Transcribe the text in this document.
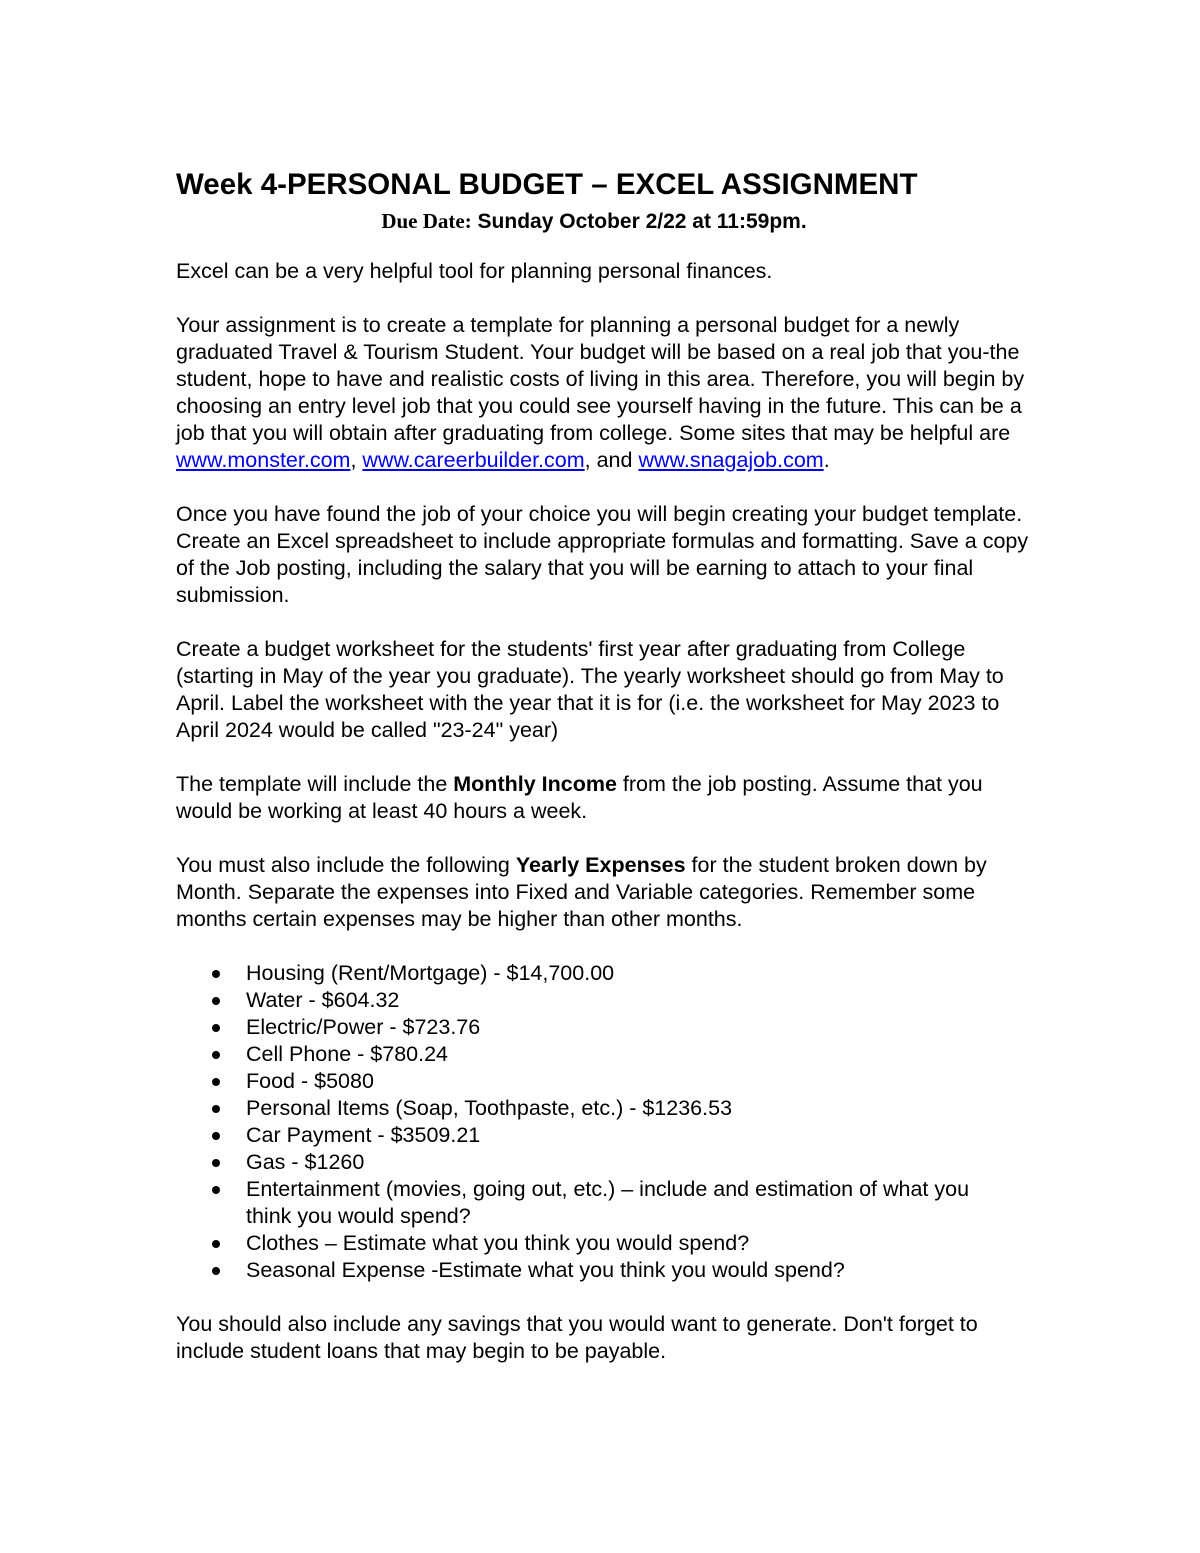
Week 4-PERSONAL BUDGET – EXCEL ASSIGNMENT
Due Date: Sunday October 2/22 at 11:59pm.

Excel can be a very helpful tool for planning personal finances.

Your assignment is to create a template for planning a personal budget for a newly graduated Travel & Tourism Student. Your budget will be based on a real job that you-the student, hope to have and realistic costs of living in this area. Therefore, you will begin by choosing an entry level job that you could see yourself having in the future. This can be a job that you will obtain after graduating from college. Some sites that may be helpful are www.monster.com, www.careerbuilder.com, and www.snagajob.com.

Once you have found the job of your choice you will begin creating your budget template. Create an Excel spreadsheet to include appropriate formulas and formatting. Save a copy of the Job posting, including the salary that you will be earning to attach to your final submission.

Create a budget worksheet for the students' first year after graduating from College (starting in May of the year you graduate). The yearly worksheet should go from May to April. Label the worksheet with the year that it is for (i.e. the worksheet for May 2023 to April 2024 would be called "23-24" year)

The template will include the Monthly Income from the job posting. Assume that you would be working at least 40 hours a week.

You must also include the following Yearly Expenses for the student broken down by Month. Separate the expenses into Fixed and Variable categories. Remember some months certain expenses may be higher than other months.

Housing (Rent/Mortgage) - $14,700.00
Water - $604.32
Electric/Power - $723.76
Cell Phone - $780.24
Food - $5080
Personal Items (Soap, Toothpaste, etc.) - $1236.53
Car Payment - $3509.21
Gas - $1260
Entertainment (movies, going out, etc.) – include and estimation of what you think you would spend?
Clothes – Estimate what you think you would spend?
Seasonal Expense -Estimate what you think you would spend?

You should also include any savings that you would want to generate. Don't forget to include student loans that may begin to be payable.
